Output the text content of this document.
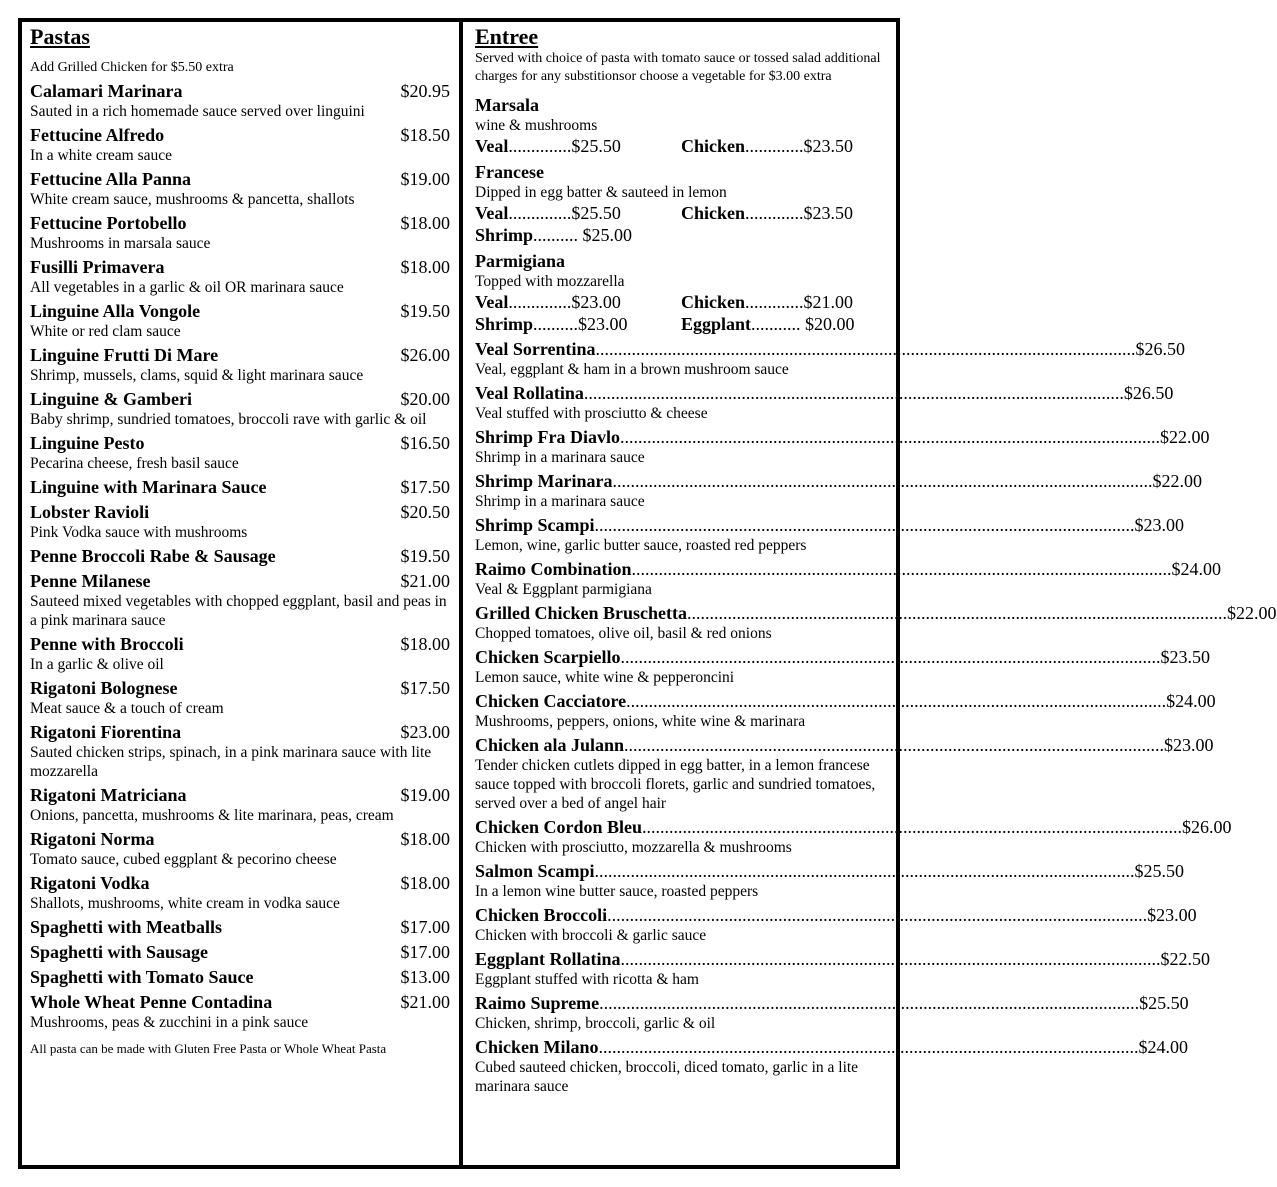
Pastas
Add Grilled Chicken for $5.50 extra
Calamari Marinara	$20.95
Sauted in a rich homemade sauce served over linguini
Fettucine Alfredo	$18.50
In a white cream sauce
Fettucine Alla Panna	$19.00
White cream sauce, mushrooms & pancetta, shallots
Fettucine Portobello	$18.00
Mushrooms in marsala sauce
Fusilli Primavera	$18.00
All vegetables in a garlic & oil OR marinara sauce
Linguine Alla Vongole	$19.50
White or red clam sauce
Linguine Frutti Di Mare	$26.00
Shrimp, mussels, clams, squid & light marinara sauce
Linguine & Gamberi	$20.00
Baby shrimp, sundried tomatoes, broccoli rave with garlic & oil
Linguine Pesto	$16.50
Pecarina cheese, fresh basil sauce
Linguine with Marinara Sauce	$17.50
Lobster Ravioli	$20.50
Pink Vodka sauce with mushrooms
Penne Broccoli Rabe & Sausage	$19.50
Penne Milanese	$21.00
Sauteed mixed vegetables with chopped eggplant, basil and peas in a pink marinara sauce
Penne with Broccoli	$18.00
In a garlic & olive oil
Rigatoni Bolognese	$17.50
Meat sauce & a touch of cream
Rigatoni Fiorentina	$23.00
Sauted chicken strips, spinach, in a pink marinara sauce with lite mozzarella
Rigatoni Matriciana	$19.00
Onions, pancetta, mushrooms & lite marinara, peas, cream
Rigatoni Norma	$18.00
Tomato sauce, cubed eggplant & pecorino cheese
Rigatoni Vodka	$18.00
Shallots, mushrooms, white cream in vodka sauce
Spaghetti with Meatballs	$17.00
Spaghetti with Sausage	$17.00
Spaghetti with Tomato Sauce	$13.00
Whole Wheat Penne Contadina	$21.00
Mushrooms, peas & zucchini in a pink sauce
All pasta can be made with Gluten Free Pasta or Whole Wheat Pasta
Entree
Served with choice of pasta with tomato sauce or tossed salad additional charges for any substitionsor choose a vegetable for $3.00 extra
Marsala
wine & mushrooms
Veal..............$25.50	Chicken.............$23.50
Francese
Dipped in egg batter & sauteed in lemon
Veal..............$25.50	Chicken.............$23.50
Shrimp.......... $25.00
Parmigiana
Topped with mozzarella
Veal..............$23.00	Chicken.............$21.00
Shrimp..........$23.00	Eggplant........... $20.00
Veal Sorrentina ........................................................................................................................ $26.50
Veal, eggplant & ham in a brown mushroom sauce
Veal Rollatina ........................................................................................................................ $26.50
Veal stuffed with prosciutto & cheese
Shrimp Fra Diavlo ........................................................................................................................ $22.00
Shrimp in a marinara sauce
Shrimp Marinara ........................................................................................................................ $22.00
Shrimp in a marinara sauce
Shrimp Scampi ........................................................................................................................ $23.00
Lemon, wine, garlic butter sauce, roasted red peppers
Raimo Combination ........................................................................................................................ $24.00
Veal & Eggplant parmigiana
Grilled Chicken Bruschetta ........................................................................................................................ $22.00
Chopped tomatoes, olive oil, basil & red onions
Chicken Scarpiello ........................................................................................................................ $23.50
Lemon sauce, white wine & pepperoncini
Chicken Cacciatore ........................................................................................................................ $24.00
Mushrooms, peppers, onions, white wine & marinara
Chicken ala Julann ........................................................................................................................ $23.00
Tender chicken cutlets dipped in egg batter, in a lemon francese sauce topped with broccoli florets, garlic and sundried tomatoes, served over a bed of angel hair
Chicken Cordon Bleu ........................................................................................................................ $26.00
Chicken with prosciutto, mozzarella & mushrooms
Salmon Scampi ........................................................................................................................ $25.50
In a lemon wine butter sauce, roasted peppers
Chicken Broccoli ........................................................................................................................ $23.00
Chicken with broccoli & garlic sauce
Eggplant Rollatina ........................................................................................................................ $22.50
Eggplant stuffed with ricotta & ham
Raimo Supreme ........................................................................................................................ $25.50
Chicken, shrimp, broccoli, garlic & oil
Chicken Milano ........................................................................................................................ $24.00
Cubed sauteed chicken, broccoli, diced tomato, garlic in a lite marinara sauce
